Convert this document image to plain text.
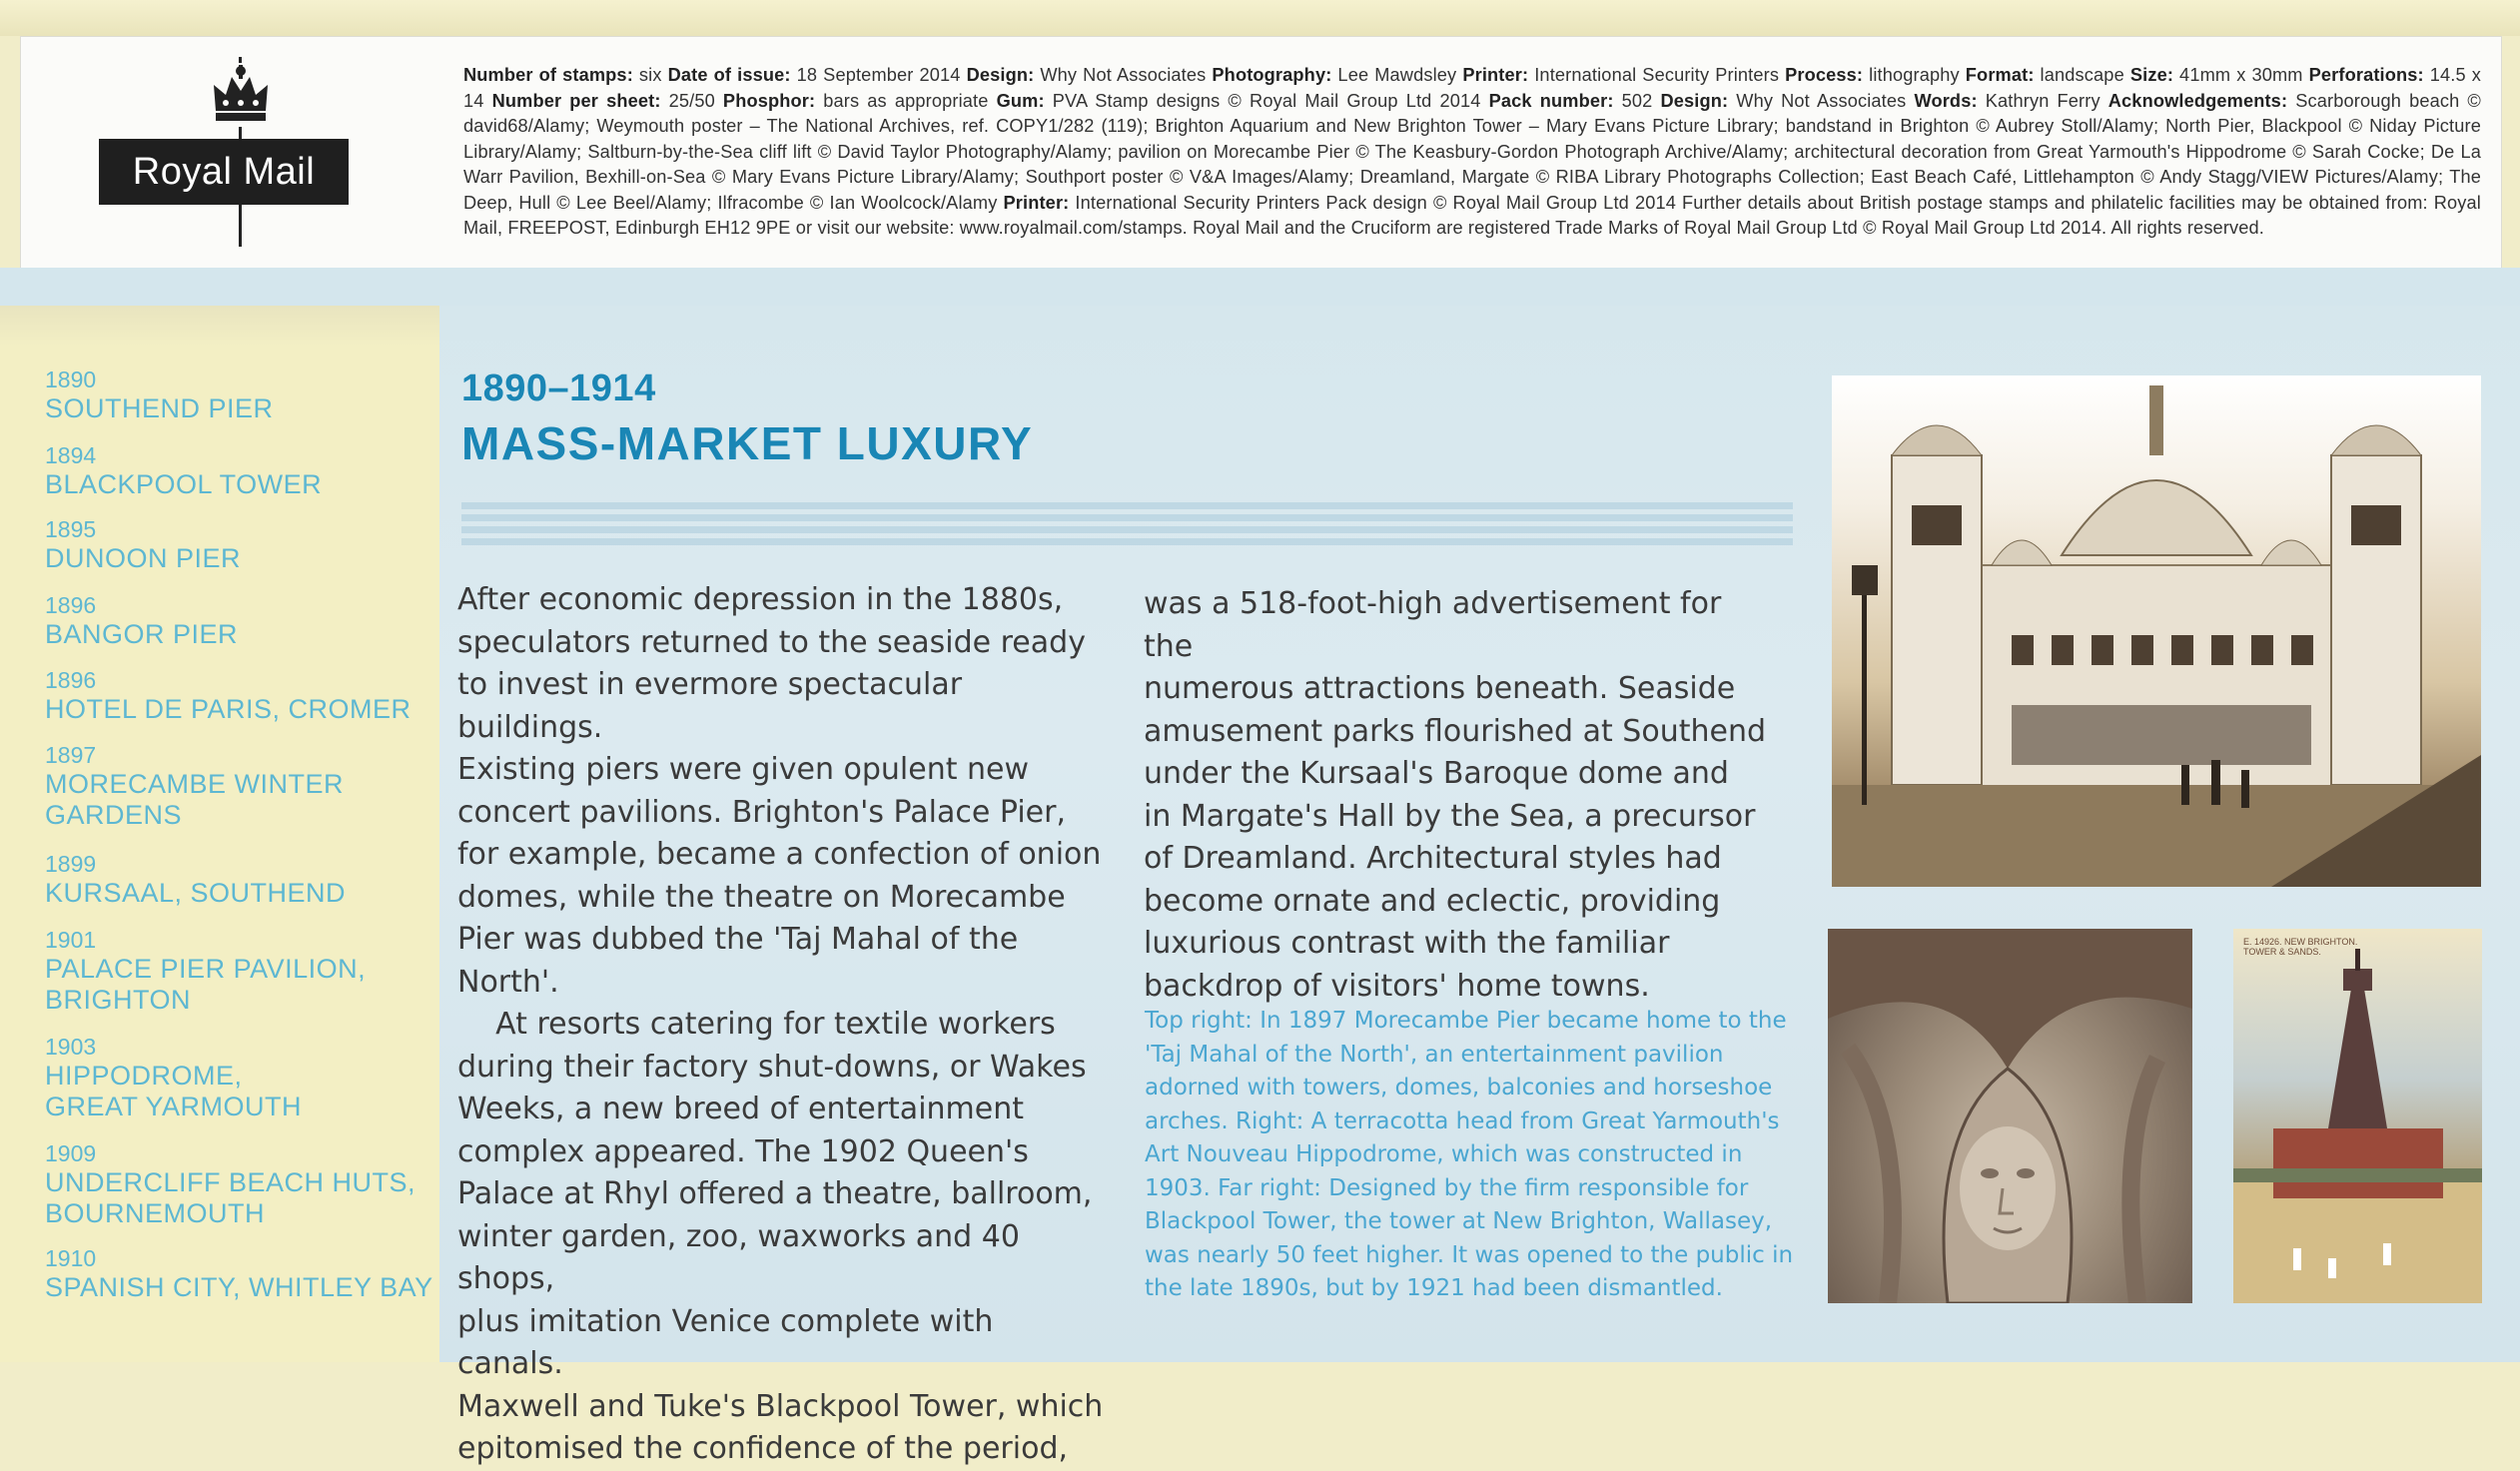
Royal Mail
Number of stamps: six Date of issue: 18 September 2014 Design: Why Not Associates Photography: Lee Mawdsley Printer: International Security Printers Process: lithography Format: landscape Size: 41mm x 30mm Perforations: 14.5 x 14 Number per sheet: 25/50 Phosphor: bars as appropriate Gum: PVA Stamp designs © Royal Mail Group Ltd 2014 Pack number: 502 Design: Why Not Associates Words: Kathryn Ferry Acknowledgements: Scarborough beach © david68/Alamy; Weymouth poster – The National Archives, ref. COPY1/282 (119); Brighton Aquarium and New Brighton Tower – Mary Evans Picture Library; bandstand in Brighton © Aubrey Stoll/Alamy; North Pier, Blackpool © Niday Picture Library/Alamy; Saltburn-by-the-Sea cliff lift © David Taylor Photography/Alamy; pavilion on Morecambe Pier © The Keasbury-Gordon Photograph Archive/Alamy; architectural decoration from Great Yarmouth's Hippodrome © Sarah Cocke; De La Warr Pavilion, Bexhill-on-Sea © Mary Evans Picture Library/Alamy; Southport poster © V&A Images/Alamy; Dreamland, Margate © RIBA Library Photographs Collection; East Beach Café, Littlehampton © Andy Stagg/VIEW Pictures/Alamy; The Deep, Hull © Lee Beel/Alamy; Ilfracombe © Ian Woolcock/Alamy Printer: International Security Printers Pack design © Royal Mail Group Ltd 2014 Further details about British postage stamps and philatelic facilities may be obtained from: Royal Mail, FREEPOST, Edinburgh EH12 9PE or visit our website: www.royalmail.com/stamps. Royal Mail and the Cruciform are registered Trade Marks of Royal Mail Group Ltd © Royal Mail Group Ltd 2014. All rights reserved.
1890
SOUTHEND PIER
1894
BLACKPOOL TOWER
1895
DUNOON PIER
1896
BANGOR PIER
1896
HOTEL DE PARIS, CROMER
1897
MORECAMBE WINTER
GARDENS
1899
KURSAAL, SOUTHEND
1901
PALACE PIER PAVILION,
BRIGHTON
1903
HIPPODROME,
GREAT YARMOUTH
1909
UNDERCLIFF BEACH HUTS,
BOURNEMOUTH
1910
SPANISH CITY, WHITLEY BAY
1890–1914
MASS-MARKET LUXURY

After economic depression in the 1880s,
speculators returned to the seaside ready
to invest in evermore spectacular buildings.
Existing piers were given opulent new
concert pavilions. Brighton's Palace Pier,
for example, became a confection of onion
domes, while the theatre on Morecambe
Pier was dubbed the 'Taj Mahal of the North'.

At resorts catering for textile workers
during their factory shut-downs, or Wakes
Weeks, a new breed of entertainment
complex appeared. The 1902 Queen's
Palace at Rhyl offered a theatre, ballroom,
winter garden, zoo, waxworks and 40 shops,
plus imitation Venice complete with canals.
Maxwell and Tuke's Blackpool Tower, which
epitomised the confidence of the period,

was a 518-foot-high advertisement for the
numerous attractions beneath. Seaside
amusement parks flourished at Southend
under the Kursaal's Baroque dome and
in Margate's Hall by the Sea, a precursor
of Dreamland. Architectural styles had
become ornate and eclectic, providing
luxurious contrast with the familiar
backdrop of visitors' home towns.

Top right: In 1897 Morecambe Pier became home to the 'Taj Mahal of the North', an entertainment pavilion adorned with towers, domes, balconies and horseshoe arches. Right: A terracotta head from Great Yarmouth's Art Nouveau Hippodrome, which was constructed in 1903. Far right: Designed by the firm responsible for Blackpool Tower, the tower at New Brighton, Wallasey, was nearly 50 feet higher. It was opened to the public in the late 1890s, but by 1921 had been dismantled.
E. 14926. NEW BRIGHTON.
TOWER & SANDS.
